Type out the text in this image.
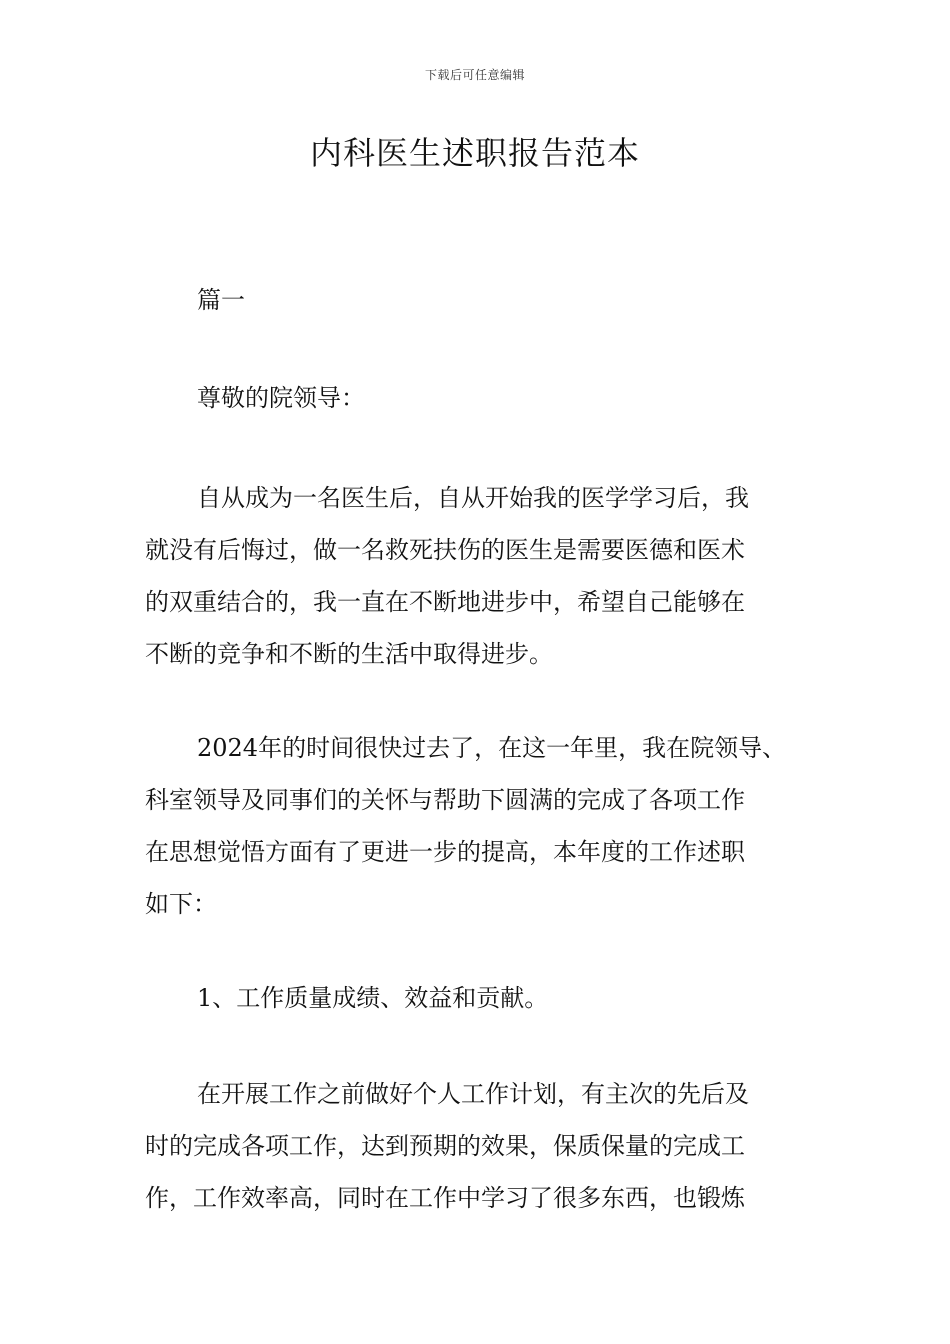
下载后可任意编辑
内科医生述职报告范本

篇一

尊敬的院领导：

自从成为一名医生后，自从开始我的医学学习后，我
就没有后悔过，做一名救死扶伤的医生是需要医德和医术
的双重结合的，我一直在不断地进步中，希望自己能够在
不断的竞争和不断的生活中取得进步。
2024年的时间很快过去了，在这一年里，我在院领导、
科室领导及同事们的关怀与帮助下圆满的完成了各项工作
在思想觉悟方面有了更进一步的提高，本年度的工作述职
如下：
1、工作质量成绩、效益和贡献。
在开展工作之前做好个人工作计划，有主次的先后及
时的完成各项工作，达到预期的效果，保质保量的完成工
作，工作效率高，同时在工作中学习了很多东西，也锻炼
